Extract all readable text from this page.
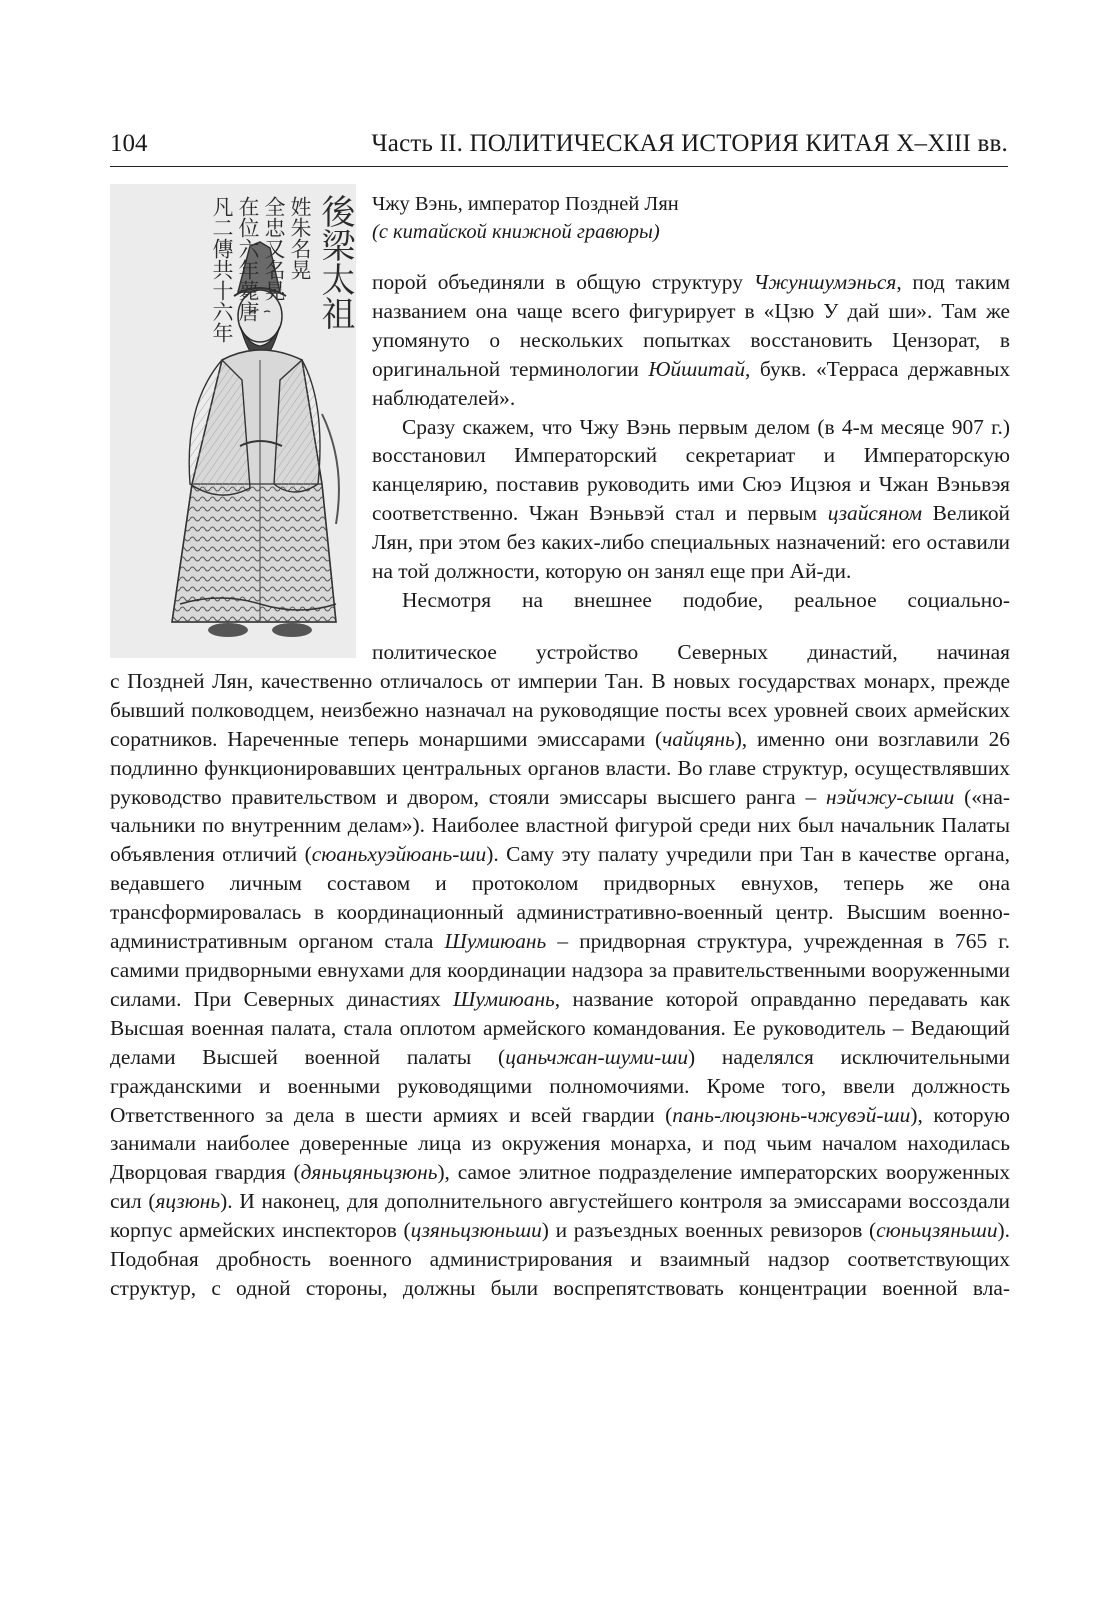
104	Часть II. ПОЛИТИЧЕСКАЯ ИСТОРИЯ КИТАЯ X–XIII вв.
後梁太祖
姓朱名晃
全忠又名晃
在位六年薨唐
凡二傳共十六年	Чжу Вэнь, император Поздней Лян
(с китайской книжной гравюры)

порой объединяли в общую структуру Чжуншумэнься, под таким названием она чаще всего фигурирует в «Цзю У дай ши». Там же упомянуто о нескольких попытках восстановить Цензорат, в оригинальной терминологии Юйшитай, букв. «Терраса державных наблюдателей».

Сразу скажем, что Чжу Вэнь первым делом (в 4-м месяце 907 г.) восстановил Императорский секретариат и Императорскую канцелярию, поставив руководить ими Сюэ Ицзюя и Чжан Вэньвэя соответственно. Чжан Вэньвэй стал и первым цзайсяном Великой Лян, при этом без каких-либо специальных назначений: его оставили на той должности, которую он занял еще при Ай-ди.

Несмотря на внешнее подобие, реальное социально-

политическое устройство Северных династий, начиная

с Поздней Лян, качественно отличалось от империи Тан. В новых государствах монарх, прежде бывший полководцем, неизбежно назначал на руководящие посты всех уровней своих армейских соратников. Нареченные теперь монаршими эмиссарами (чайцянь), именно они возглавили 26 подлинно функционировавших центральных органов власти. Во главе структур, осуществлявших руководство правительством и двором, стояли эмиссары высшего ранга – нэйчжу-сыши («начальники по внутренним делам»). Наиболее властной фигурой среди них был начальник Палаты объявления отличий (сюаньхуэйюань-ши). Саму эту палату учредили при Тан в качестве органа, ведавшего личным составом и протоколом придворных евнухов, теперь же она трансформировалась в координационный административно-военный центр. Высшим военно-административным органом стала Шумиюань – придворная структура, учрежденная в 765 г. самими придворными евнухами для координации надзора за правительственными вооруженными силами. При Северных династиях Шумиюань, название которой оправданно передавать как Высшая военная палата, стала оплотом армейского командования. Ее руководитель – Ведающий делами Высшей военной палаты (цаньчжан-шуми-ши) наделялся исключительными гражданскими и военными руководящими полномочиями. Кроме того, ввели должность Ответственного за дела в шести армиях и всей гвардии (пань-люцзюнь-чжувэй-ши), которую занимали наиболее доверенные лица из окружения монарха, и под чьим началом находилась Дворцовая гвардия (дяньцяньцзюнь), самое элитное подразделение императорских вооруженных сил (яцзюнь). И наконец, для дополнительного августейшего контроля за эмиссарами воссоздали корпус армейских инспекторов (цзяньцзюньши) и разъездных военных ревизоров (сюньцзяньши). Подобная дробность военного администрирования и взаимный надзор соответствующих структур, с одной стороны, должны были воспрепятствовать концентрации военной вла-
